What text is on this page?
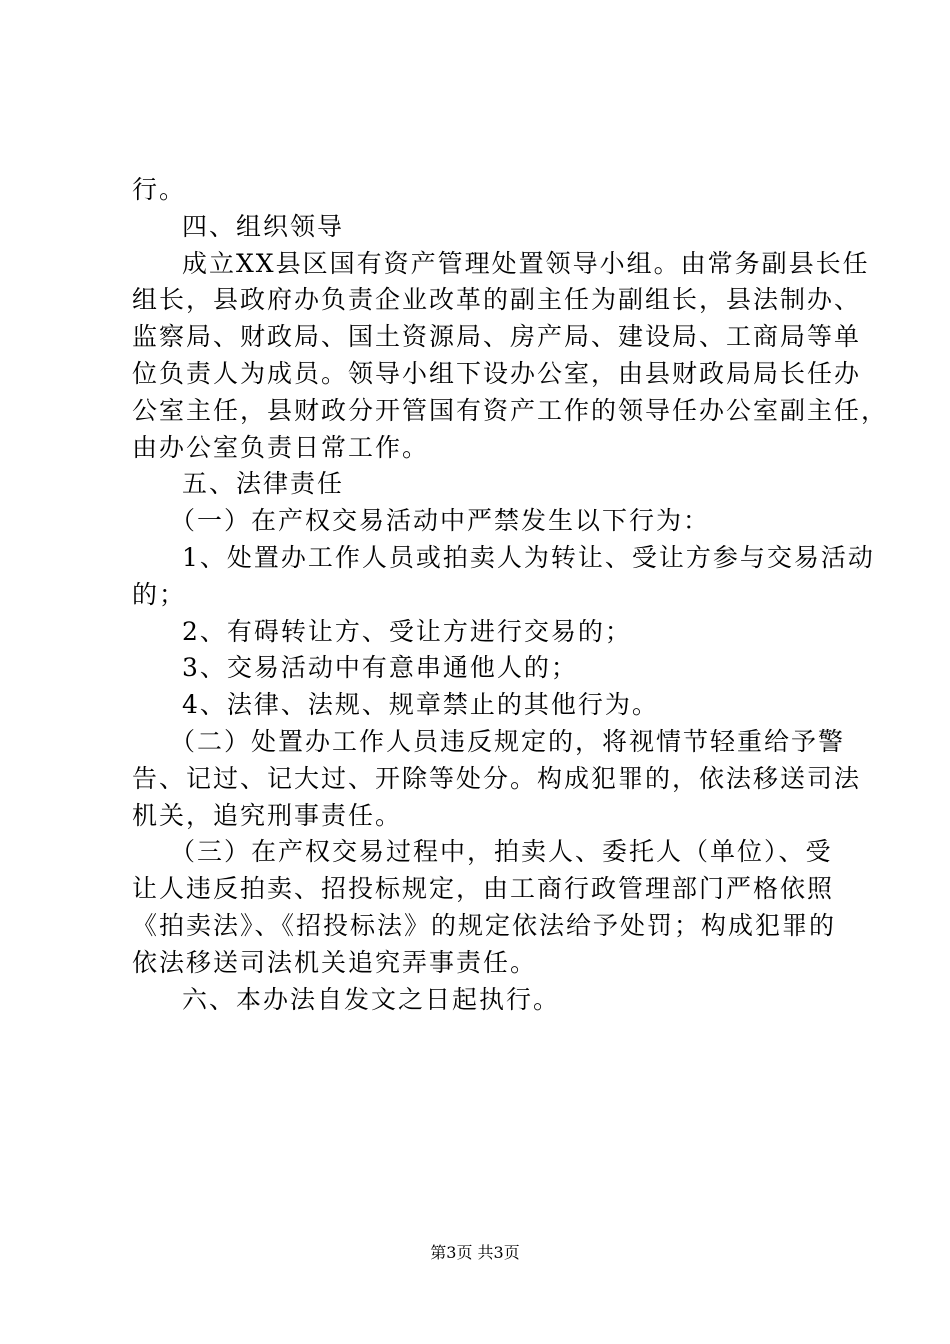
行。
四、组织领导
成立XX县区国有资产管理处置领导小组。由常务副县长任
组长，县政府办负责企业改革的副主任为副组长，县法制办、
监察局、财政局、国土资源局、房产局、建设局、工商局等单
位负责人为成员。领导小组下设办公室，由县财政局局长任办
公室主任，县财政分开管国有资产工作的领导任办公室副主任，
由办公室负责日常工作。
五、法律责任
（一）在产权交易活动中严禁发生以下行为：
1、处置办工作人员或拍卖人为转让、受让方参与交易活动
的；
2、有碍转让方、受让方进行交易的；
3、交易活动中有意串通他人的；
4、法律、法规、规章禁止的其他行为。
（二）处置办工作人员违反规定的，将视情节轻重给予警
告、记过、记大过、开除等处分。构成犯罪的，依法移送司法
机关，追究刑事责任。
（三）在产权交易过程中，拍卖人、委托人（单位）、受
让人违反拍卖、招投标规定，由工商行政管理部门严格依照
《拍卖法》、《招投标法》的规定依法给予处罚；构成犯罪的
依法移送司法机关追究弄事责任。
六、本办法自发文之日起执行。
第3页 共3页
